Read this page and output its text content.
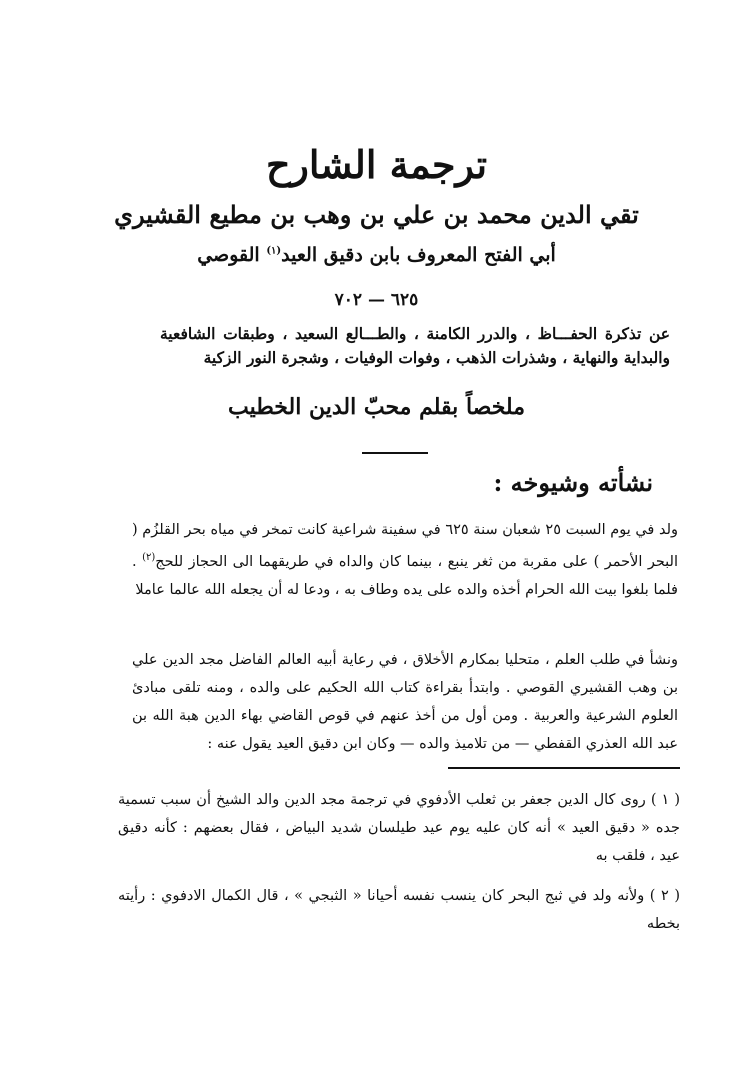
ترجمة الشارح
تقي الدين محمد بن علي بن وهب بن مطيع القشيري
أبي الفتح المعروف بابن دقيق العيد$^{(١)}$ القوصي
٦٢٥ — ٧٠٢
عن تذكرة الحفـــاظ ، والدرر الكامنة ، والطـــالع السعيد ، وطبقات الشافعية والبداية والنهاية ، وشذرات الذهب ، وفوات الوفيات ، وشجرة النور الزكية
ملخصاً بقلم محبّ الدين الخطيب
نشأته وشيوخه :
ولد في يوم السبت ٢٥ شعبان سنة ٦٢٥ في سفينة شراعية كانت تمخر في مياه بحر القلزُم ( البحر الأحمر ) على مقربة من ثغر ينبع ، بينما كان والداه في طريقهما الى الحجاز للحج$^{(٢)}$ . فلما بلغوا بيت الله الحرام أخذه والده على يده وطاف به ، ودعا له أن يجعله الله عالما عاملا
ونشأ في طلب العلم ، متحليا بمكارم الأخلاق ، في رعاية أبيه العالم الفاضل مجد الدين علي بن وهب القشيري القوصي . وابتدأ بقراءة كتاب الله الحكيم على والده ، ومنه تلقى مبادئ العلوم الشرعية والعربية . ومن أول من أخذ عنهم في قوص القاضي بهاء الدين هبة الله بن عبد الله العذري القفطي — من تلاميذ والده — وكان ابن دقيق العيد يقول عنه :
( ١ ) روى كال الدين جعفر بن ثعلب الأدفوي في ترجمة مجد الدين والد الشيخ أن سبب تسمية جده « دقيق العيد » أنه كان عليه يوم عيد طيلسان شديد البياض ، فقال بعضهم : كأنه دقيق عيد ، فلقب به
( ٢ ) ولأنه ولد في ثبج البحر كان ينسب نفسه أحيانا « الثبجي » ، قال الكمال الادفوي : رأيته بخطه
